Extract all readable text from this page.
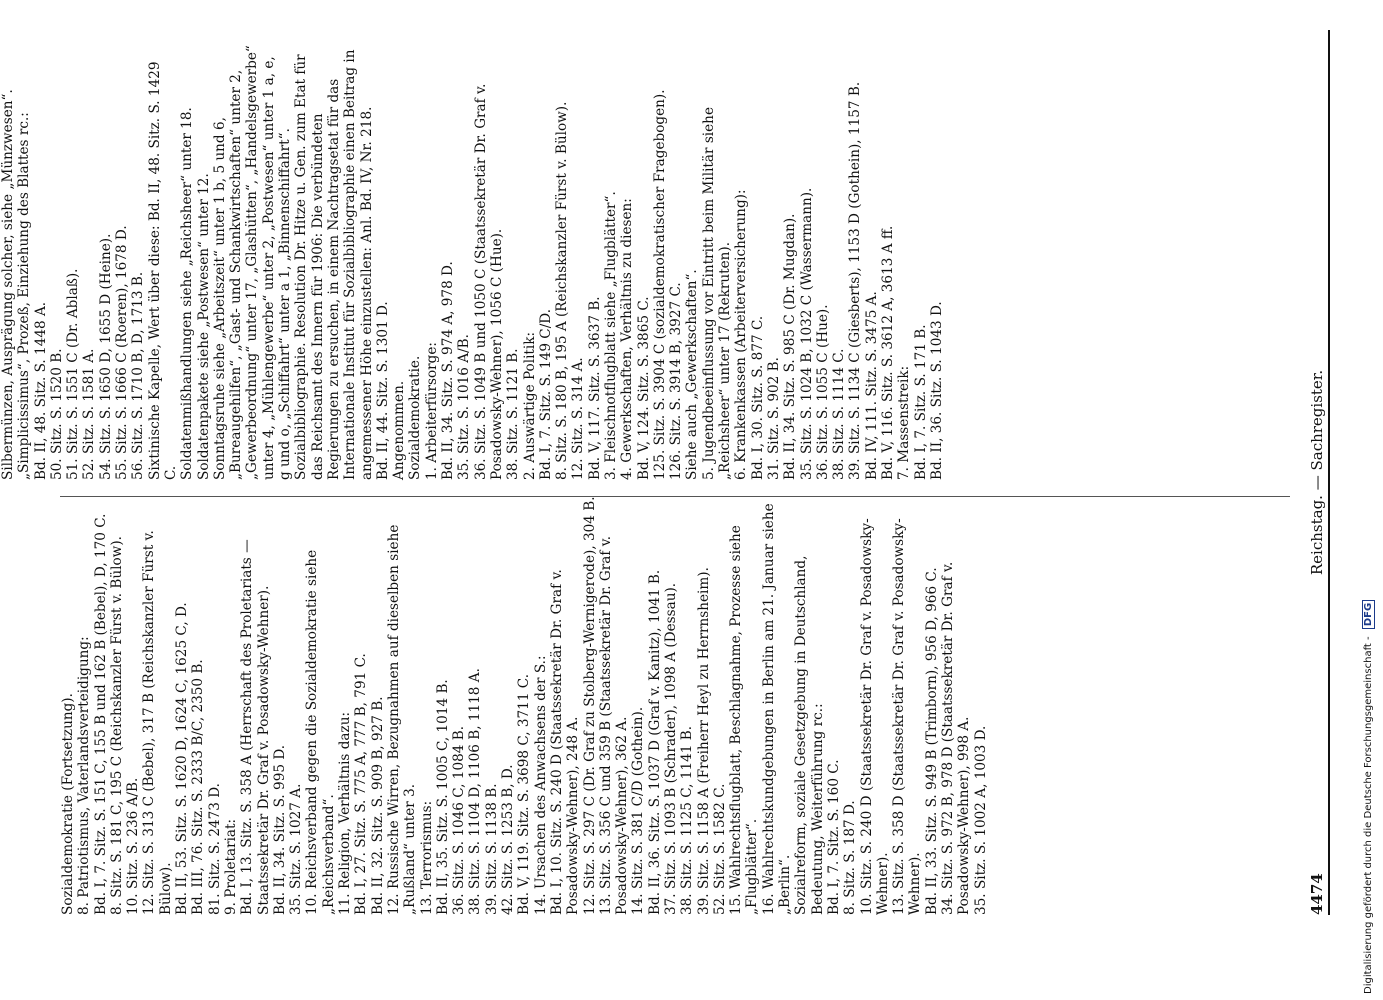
4474
Reichstag. — Sachregister.

Silbermünzen, Ausprägung solcher, siehe „Münzwesen“. „Simplicissimus“, Prozeß, Einziehung des Blattes rc.: Bd. II, 48. Sitz. S. 1448 A. 50. Sitz. S. 1520 B. 51. Sitz. S. 1551 C (Dr. Ablaß). 52. Sitz. S. 1581 A. 54. Sitz. S. 1650 D, 1655 D (Heine). 55. Sitz. S. 1666 C (Roeren), 1678 D. 56. Sitz. S. 1710 B, D, 1713 B. Sixtinische Kapelle, Wert über diese: Bd. II, 48. Sitz. S. 1429 C. Soldatenmißhandlungen siehe „Reichsheer“ unter 18. Soldatenpakete siehe „Postwesen“ unter 12. Sonntagsruhe siehe „Arbeitszeit“ unter 1 b, 5 und 6, „Bureaugehilfen“, „Gast- und Schankwirtschaften“ unter 2, „Gewerbeordnung“ unter 17, „Glashütten“, „Handelsgewerbe“ unter 4, „Mühlengewerbe“ unter 2, „Postwesen“ unter 1 a, e, g und o, „Schiffahrt“ unter a 1, „Binnenschiffahrt“. Sozialbibliographie. Resolution Dr. Hitze u. Gen. zum Etat für das Reichsamt des Innern für 1906: Die verbündeten Regierungen zu ersuchen, in einem Nachtragsetat für das Internationale Institut für Sozialbibliographie einen Beitrag in angemessener Höhe einzustellen: Anl. Bd. IV, Nr. 218. Bd. II, 44. Sitz. S. 1301 D. Angenommen. Sozialdemokratie. 1. Arbeiterfürsorge: Bd. II, 34. Sitz. S. 974 A, 978 D. 35. Sitz. S. 1016 A/B. 36. Sitz. S. 1049 B und 1050 C (Staatssekretär Dr. Graf v. Posadowsky-Wehner), 1056 C (Hue). 38. Sitz. S. 1121 B. 2. Auswärtige Politik: Bd. I, 7. Sitz. S. 149 C/D. 8. Sitz. S. 180 B, 195 A (Reichskanzler Fürst v. Bülow). 12. Sitz. S. 314 A. Bd. V, 117. Sitz. S. 3637 B. 3. Fleischnotflugblatt siehe „Flugblätter“. 4. Gewerkschaften, Verhältnis zu diesen: Bd. V, 124. Sitz. S. 3865 C. 125. Sitz. S. 3904 C (sozialdemokratischer Fragebogen). 126. Sitz. S. 3914 B, 3927 C. Siehe auch „Gewerkschaften“. 5. Jugendbeeinflussung vor Eintritt beim Militär siehe „Reichsheer“ unter 17 (Rekruten). 6. Krankenkassen (Arbeiterversicherung): Bd. I, 30. Sitz. S. 877 C. 31. Sitz. S. 902 B. Bd. II, 34. Sitz. S. 985 C (Dr. Mugdan). 35. Sitz. S. 1024 B, 1032 C (Wassermann). 36. Sitz. S. 1055 C (Hue). 38. Sitz. S. 1114 C. 39. Sitz. S. 1134 C (Giesberts), 1153 D (Gothein), 1157 B. Bd. IV, 111. Sitz. S. 3475 A. Bd. V, 116. Sitz. S. 3612 A, 3613 A ff. 7. Massenstreik: Bd. I, 7. Sitz. S. 171 B. Bd. II, 36. Sitz. S. 1043 D.

Sozialdemokratie (Fortsetzung). 8. Patriotismus, Vaterlandsverteidigung: Bd. I, 7. Sitz. S. 151 C, 155 B und 162 B (Bebel), D, 170 C. 8. Sitz. S. 181 C, 195 C (Reichskanzler Fürst v. Bülow). 10. Sitz. S. 236 A/B. 12. Sitz. S. 313 C (Bebel), 317 B (Reichskanzler Fürst v. Bülow). Bd. II, 53. Sitz. S. 1620 D, 1624 C, 1625 C, D. Bd. III, 76. Sitz. S. 2333 B/C, 2350 B. 81. Sitz. S. 2473 D. 9. Proletariat: Bd. I, 13. Sitz. S. 358 A (Herrschaft des Proletariats — Staatssekretär Dr. Graf v. Posadowsky-Wehner). Bd. II, 34. Sitz. S. 995 D. 35. Sitz. S. 1027 A. 10. Reichsverband gegen die Sozialdemokratie siehe „Reichsverband“. 11. Religion, Verhältnis dazu: Bd. I, 27. Sitz. S. 775 A, 777 B, 791 C. Bd. II, 32. Sitz. S. 909 B, 927 B. 12. Russische Wirren, Bezugnahmen auf dieselben siehe „Rußland“ unter 3. 13. Terrorismus: Bd. II, 35. Sitz. S. 1005 C, 1014 B. 36. Sitz. S. 1046 C, 1084 B. 38. Sitz. S. 1104 D, 1106 B, 1118 A. 39. Sitz. S. 1138 B. 42. Sitz. S. 1253 B, D. Bd. V, 119. Sitz. S. 3698 C, 3711 C. 14. Ursachen des Anwachsens der S.: Bd. I, 10. Sitz. S. 240 D (Staatssekretär Dr. Graf v. Posadowsky-Wehner), 248 A. 12. Sitz. S. 297 C (Dr. Graf zu Stolberg-Wernigerode), 304 B. 13. Sitz. S. 356 C und 359 B (Staatssekretär Dr. Graf v. Posadowsky-Wehner), 362 A. 14. Sitz. S. 381 C/D (Gothein). Bd. II, 36. Sitz. S. 1037 D (Graf v. Kanitz), 1041 B. 37. Sitz. S. 1093 B (Schrader), 1098 A (Dessau). 38. Sitz. S. 1125 C, 1141 B. 39. Sitz. S. 1158 A (Freiherr Heyl zu Herrnsheim). 52. Sitz. S. 1582 C. 15. Wahlrechtsflugblatt, Beschlagnahme, Prozesse siehe „Flugblätter“. 16. Wahlrechtskundgebungen in Berlin am 21. Januar siehe „Berlin“. Sozialreform, soziale Gesetzgebung in Deutschland, Bedeutung, Weiterführung rc.: Bd. I, 7. Sitz. S. 160 C. 8. Sitz. S. 187 D. 10. Sitz. S. 240 D (Staatssekretär Dr. Graf v. Posadowsky-Wehner). 13. Sitz. S. 358 D (Staatssekretär Dr. Graf v. Posadowsky-Wehner). Bd. II, 33. Sitz. S. 949 B (Trimborn), 956 D, 966 C. 34. Sitz. S. 972 B, 978 D (Staatssekretär Dr. Graf v. Posadowsky-Wehner), 998 A. 35. Sitz. S. 1002 A, 1003 D.	Digitalisierung gefördert durch die Deutsche Forschungsgemeinschaft - DFG
